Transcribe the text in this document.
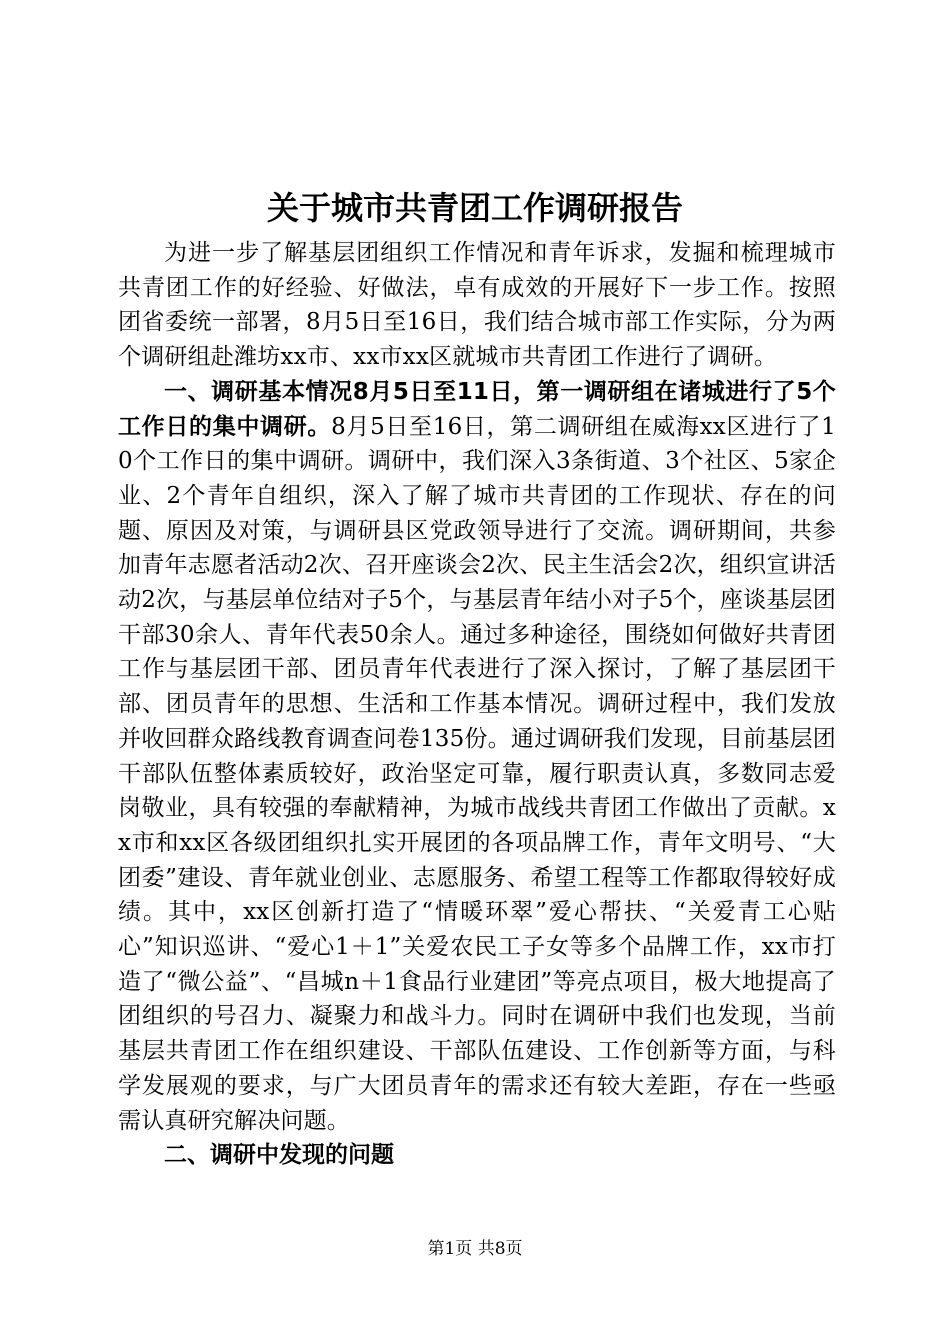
关于城市共青团工作调研报告

为进一步了解基层团组织工作情况和青年诉求，发掘和梳理城市共青团工作的好经验、好做法，卓有成效的开展好下一步工作。按照团省委统一部署，8月5日至16日，我们结合城市部工作实际，分为两个调研组赴潍坊xx市、xx市xx区就城市共青团工作进行了调研。

一、调研基本情况8月5日至11日，第一调研组在诸城进行了5个工作日的集中调研。8月5日至16日，第二调研组在威海xx区进行了10个工作日的集中调研。调研中，我们深入3条街道、3个社区、5家企业、2个青年自组织，深入了解了城市共青团的工作现状、存在的问题、原因及对策，与调研县区党政领导进行了交流。调研期间，共参加青年志愿者活动2次、召开座谈会2次、民主生活会2次，组织宣讲活动2次，与基层单位结对子5个，与基层青年结小对子5个，座谈基层团干部30余人、青年代表50余人。通过多种途径，围绕如何做好共青团工作与基层团干部、团员青年代表进行了深入探讨，了解了基层团干部、团员青年的思想、生活和工作基本情况。调研过程中，我们发放并收回群众路线教育调查问卷135份。通过调研我们发现，目前基层团干部队伍整体素质较好，政治坚定可靠，履行职责认真，多数同志爱岗敬业，具有较强的奉献精神，为城市战线共青团工作做出了贡献。xx市和xx区各级团组织扎实开展团的各项品牌工作，青年文明号、“大团委”建设、青年就业创业、志愿服务、希望工程等工作都取得较好成绩。其中，xx区创新打造了“情暖环翠”爱心帮扶、“关爱青工心贴心”知识巡讲、“爱心1＋1”关爱农民工子女等多个品牌工作，xx市打造了“微公益”、“昌城n＋1食品行业建团”等亮点项目，极大地提高了团组织的号召力、凝聚力和战斗力。同时在调研中我们也发现，当前基层共青团工作在组织建设、干部队伍建设、工作创新等方面，与科学发展观的要求，与广大团员青年的需求还有较大差距，存在一些亟需认真研究解决问题。

二、调研中发现的问题

第1页 共8页
